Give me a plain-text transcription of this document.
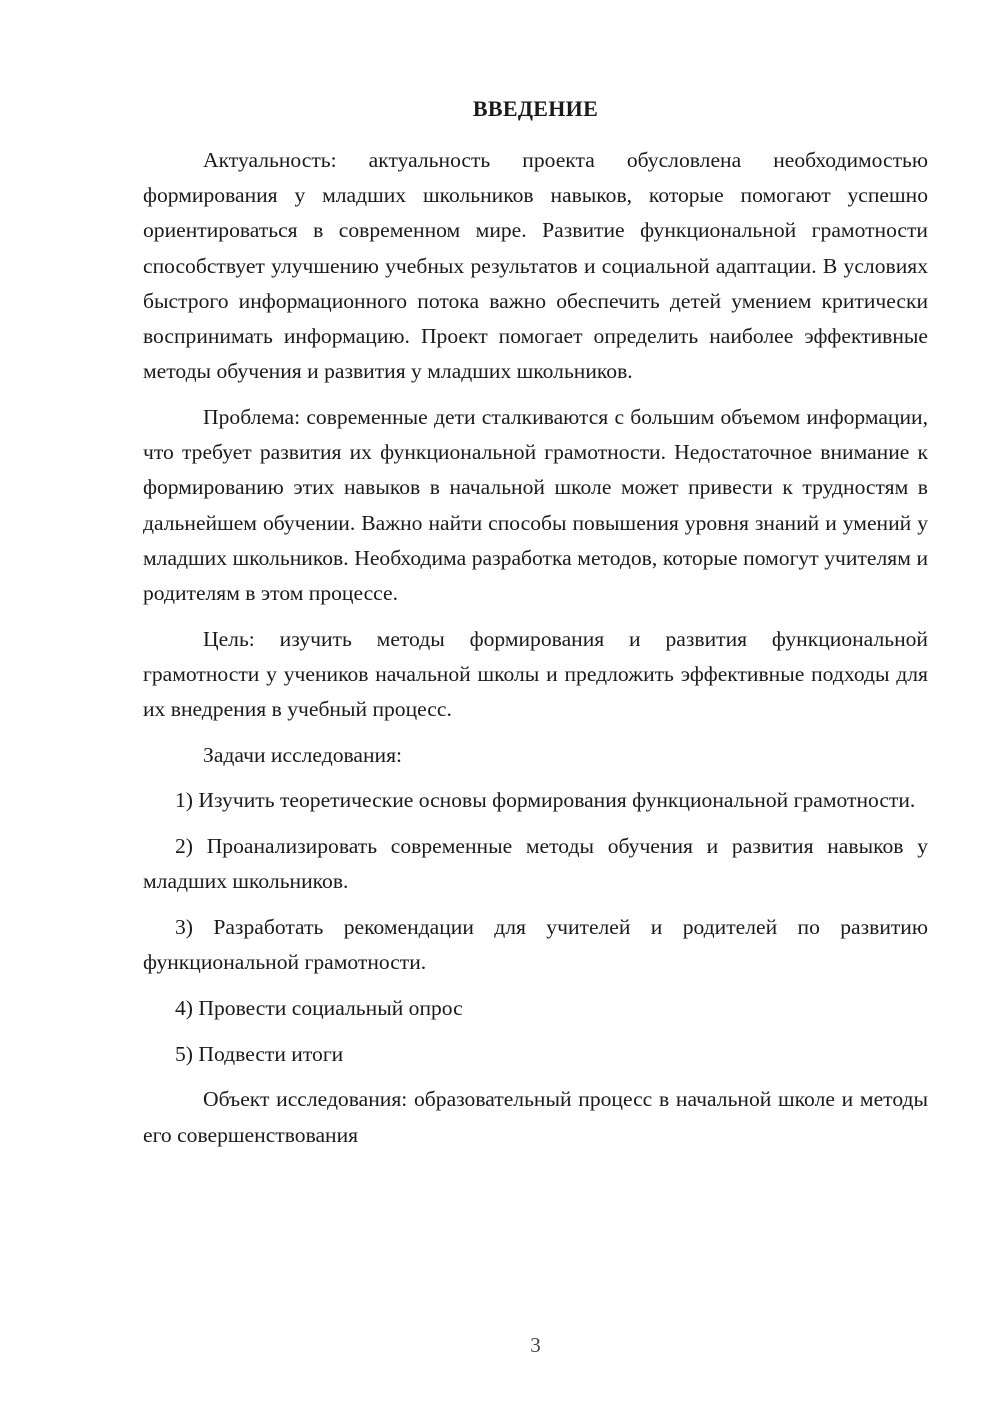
ВВЕДЕНИЕ

Актуальность: актуальность проекта обусловлена необходимостью формирования у младших школьников навыков, которые помогают успешно ориентироваться в современном мире. Развитие функциональной грамотности способствует улучшению учебных результатов и социальной адаптации. В условиях быстрого информационного потока важно обеспечить детей умением критически воспринимать информацию. Проект помогает определить наиболее эффективные методы обучения и развития у младших школьников.

Проблема: современные дети сталкиваются с большим объемом информации, что требует развития их функциональной грамотности. Недостаточное внимание к формированию этих навыков в начальной школе может привести к трудностям в дальнейшем обучении. Важно найти способы повышения уровня знаний и умений у младших школьников. Необходима разработка методов, которые помогут учителям и родителям в этом процессе.

Цель: изучить методы формирования и развития функциональной грамотности у учеников начальной школы и предложить эффективные подходы для их внедрения в учебный процесс.

Задачи исследования:

1) Изучить теоретические основы формирования функциональной грамотности.

2) Проанализировать современные методы обучения и развития навыков у младших школьников.

3) Разработать рекомендации для учителей и родителей по развитию функциональной грамотности.

4) Провести социальный опрос

5) Подвести итоги

Объект исследования: образовательный процесс в начальной школе и методы его совершенствования

3
